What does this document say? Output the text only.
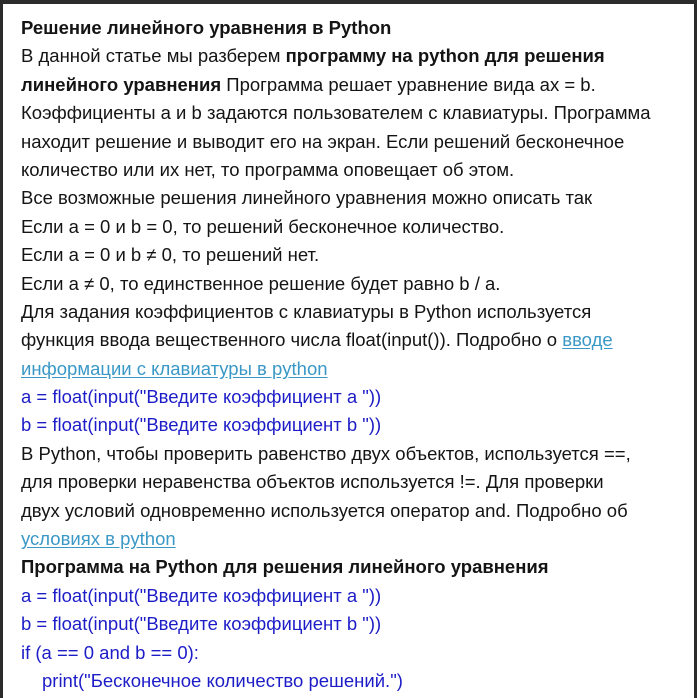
Решение линейного уравнения в Python
В данной статье мы разберем программу на python для решения
линейного уравнения Программа решает уравнение вида ax = b.
Коэффициенты a и b задаются пользователем с клавиатуры. Программа
находит решение и выводит его на экран. Если решений бесконечное
количество или их нет, то программа оповещает об этом.
Все возможные решения линейного уравнения можно описать так
Если a = 0 и b = 0, то решений бесконечное количество.
Если a = 0 и b ≠ 0, то решений нет.
Если a ≠ 0, то единственное решение будет равно b / a.
Для задания коэффициентов с клавиатуры в Python используется
функция ввода вещественного числа float(input()). Подробно о вводе
информации с клавиатуры в python
a = float(input("Введите коэффициент a "))
b = float(input("Введите коэффициент b "))
В Python, чтобы проверить равенство двух объектов, используется ==,
для проверки неравенства объектов используется !=. Для проверки
двух условий одновременно используется оператор and. Подробно об
условиях в python
Программа на Python для решения линейного уравнения
a = float(input("Введите коэффициент a "))
b = float(input("Введите коэффициент b "))
if (a == 0 and b == 0):
print("Бесконечное количество решений.")
